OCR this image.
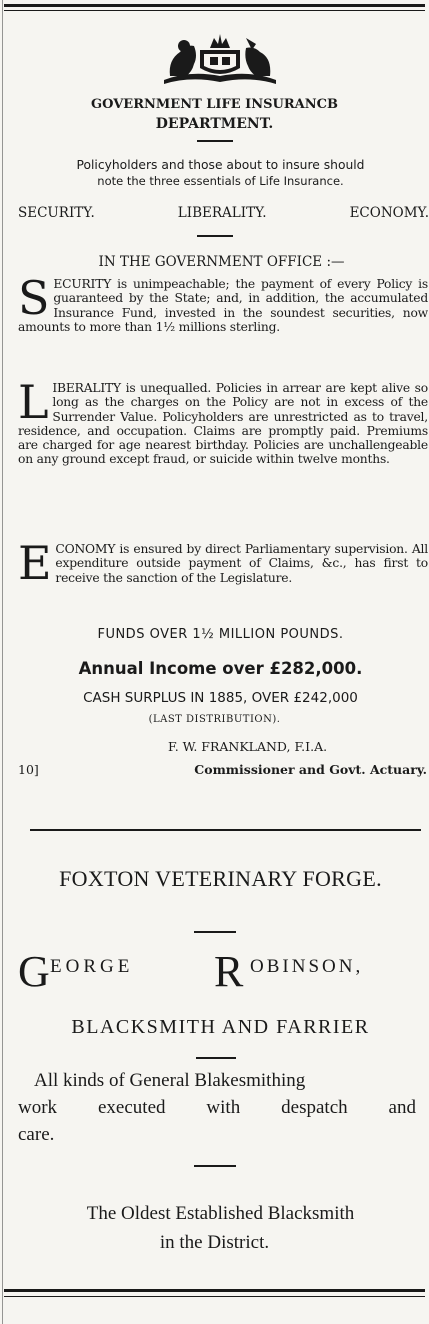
GOVERNMENT LIFE INSURANCB
DEPARTMENT.
Policyholders and those about to insure should
note the three essentials of Life Insurance.
SECURITY.	LIBERALITY.	ECONOMY.
IN THE GOVERNMENT OFFICE :—
SECURITY is unimpeachable; the payment of every Policy is guaranteed by the State; and, in addition, the accumulated Insurance Fund, invested in the soundest securities, now amounts to more than 1½ millions sterling.
LIBERALITY is unequalled. Policies in arrear are kept alive so long as the charges on the Policy are not in excess of the Surrender Value. Policyholders are unrestricted as to travel, residence, and occupation. Claims are promptly paid. Premiums are charged for age nearest birthday. Policies are unchallengeable on any ground except fraud, or suicide within twelve months.
ECONOMY is ensured by direct Parliamentary supervision. All expenditure outside payment of Claims, &c., has first to receive the sanction of the Legislature.
FUNDS OVER 1½ MILLION POUNDS.
Annual Income over £282,000.
CASH SURPLUS IN 1885, OVER £242,000
(LAST DISTRIBUTION).
F. W. FRANKLAND, F.I.A.
10]	Commissioner and Govt. Actuary.
FOXTON VETERINARY FORGE.
G EORGE R OBINSON,
BLACKSMITH AND FARRIER
All kinds of General Blakesmithing
work executed with despatch and
care.
The Oldest Established Blacksmith
in the District.
